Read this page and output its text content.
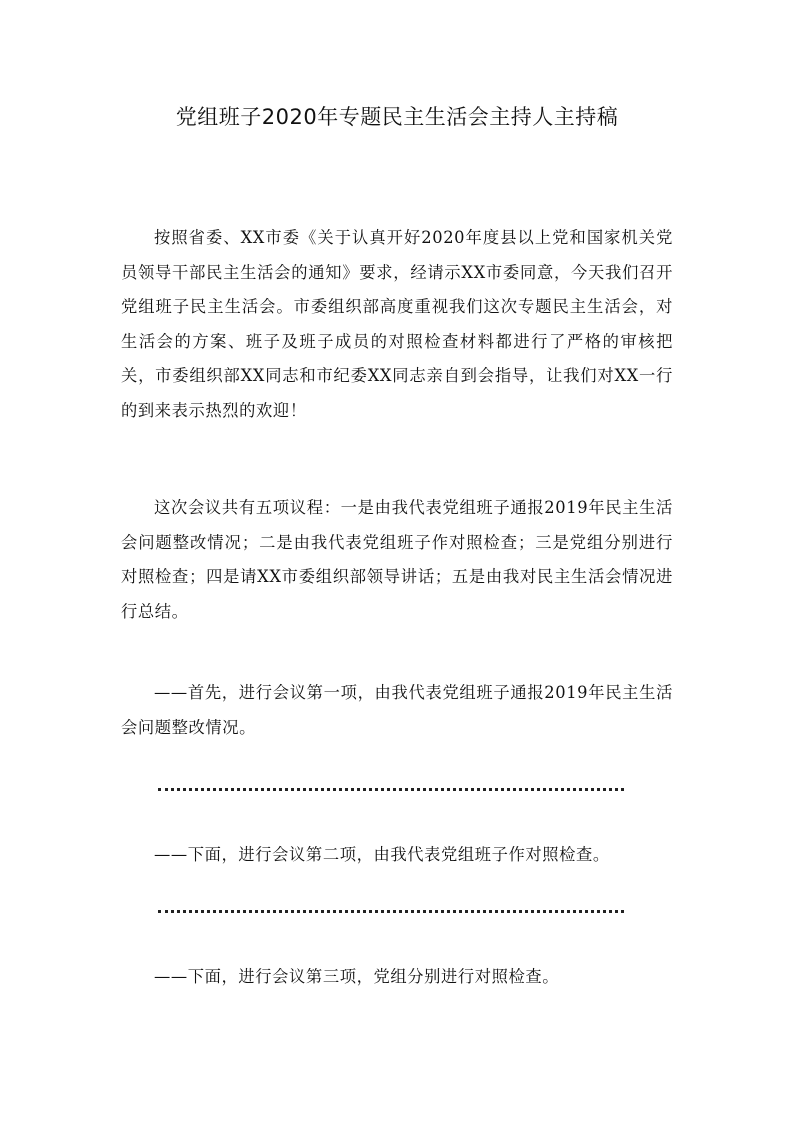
党组班子2020年专题民主生活会主持人主持稿

按照省委、XX市委《关于认真开好2020年度县以上党和国家机关党员领导干部民主生活会的通知》要求，经请示XX市委同意，今天我们召开党组班子民主生活会。市委组织部高度重视我们这次专题民主生活会，对生活会的方案、班子及班子成员的对照检查材料都进行了严格的审核把关，市委组织部XX同志和市纪委XX同志亲自到会指导，让我们对XX一行的到来表示热烈的欢迎！

这次会议共有五项议程：一是由我代表党组班子通报2019年民主生活会问题整改情况；二是由我代表党组班子作对照检查；三是党组分别进行对照检查；四是请XX市委组织部领导讲话；五是由我对民主生活会情况进行总结。

——首先，进行会议第一项，由我代表党组班子通报2019年民主生活会问题整改情况。

——下面，进行会议第二项，由我代表党组班子作对照检查。

——下面，进行会议第三项，党组分别进行对照检查。
